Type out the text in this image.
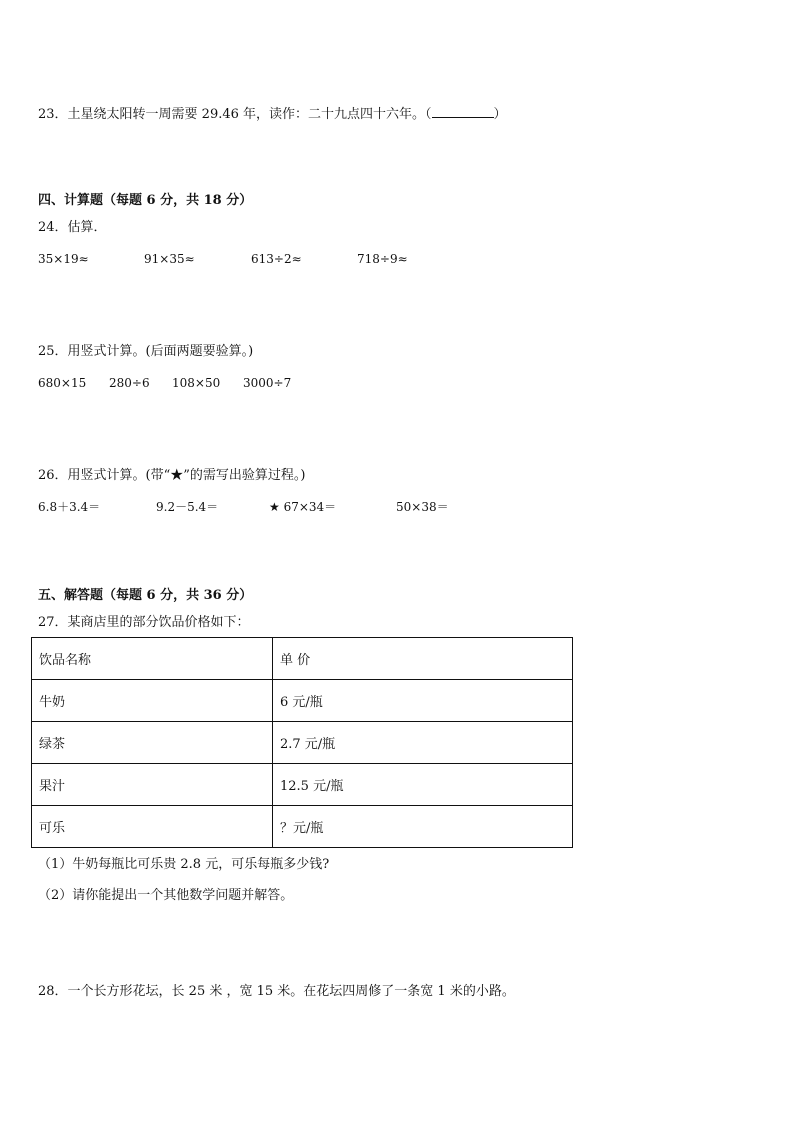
23．土星绕太阳转一周需要 29.46 年，读作：二十九点四十六年。（	）
四、计算题（每题 6 分，共 18 分）
24．估算．
35×19≈	91×35≈	613÷2≈	718÷9≈
25．用竖式计算。(后面两题要验算。)
680×15 280÷6 108×50 3000÷7
26．用竖式计算。(带“★”的需写出验算过程。)
6.8＋3.4＝	9.2－5.4＝	★ 67×34＝	50×38＝
五、解答题（每题 6 分，共 36 分）
27．某商店里的部分饮品价格如下：
饮品名称	单 价
牛奶	6 元/瓶
绿茶	2.7 元/瓶
果汁	12.5 元/瓶
可乐	？元/瓶
（1）牛奶每瓶比可乐贵 2.8 元，可乐每瓶多少钱?
（2）请你能提出一个其他数学问题并解答。
28．一个长方形花坛，长 25 米 ，宽 15 米。在花坛四周修了一条宽 1 米的小路。
